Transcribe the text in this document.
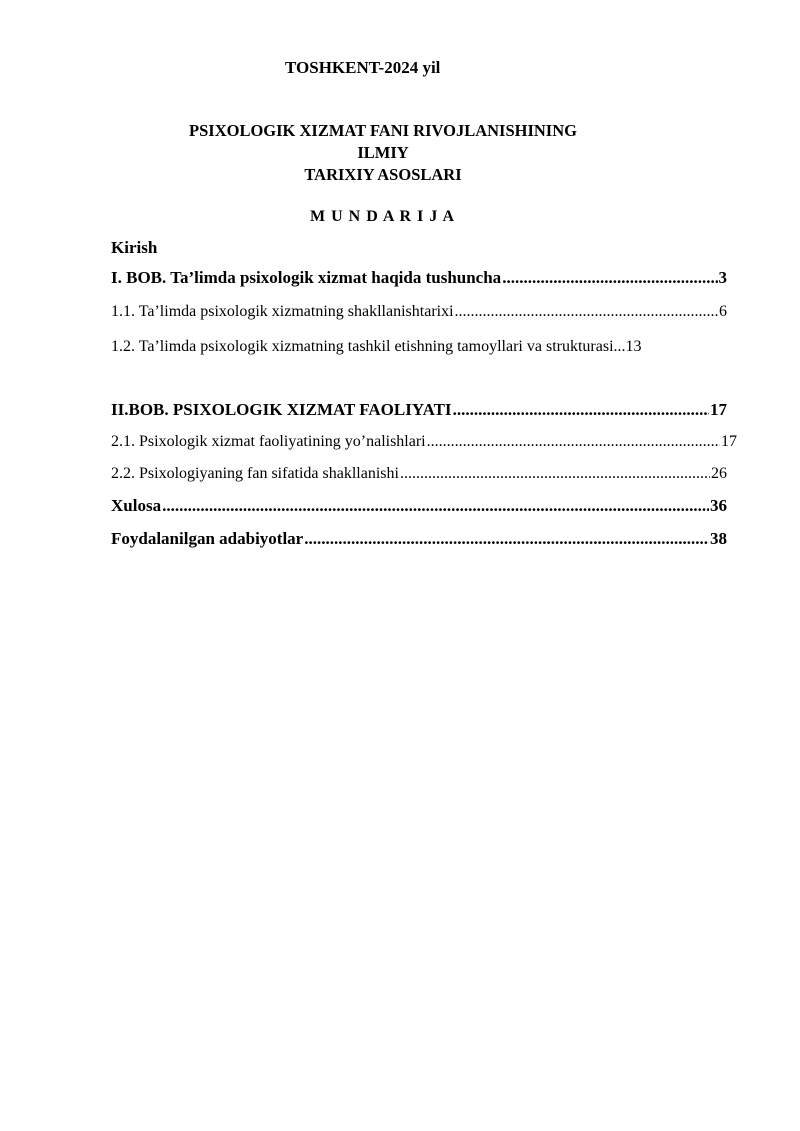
TOSHKENT-2024 yil
PSIXOLOGIK XIZMAT FANI RIVOJLANISHINING
ILMIY
TARIXIY ASOSLARI
M U N D A R I J A
Kirish
I. BOB. Ta’limda psixologik xizmat haqida tushuncha .....	3
1.1. Ta’limda psixologik xizmatning shakllanishtarixi .....	6
1.2. Ta’limda psixologik xizmatning tashkil etishning tamoyllari va strukturasi...13
II.BOB. PSIXOLOGIK XIZMAT FAOLIYATI .....	17
2.1. Psixologik xizmat faoliyatining yo’nalishlari .....	17
2.2. Psixologiyaning fan sifatida shakllanishi .....	26
Xulosa .....	36
Foydalanilgan adabiyotlar .....	38
